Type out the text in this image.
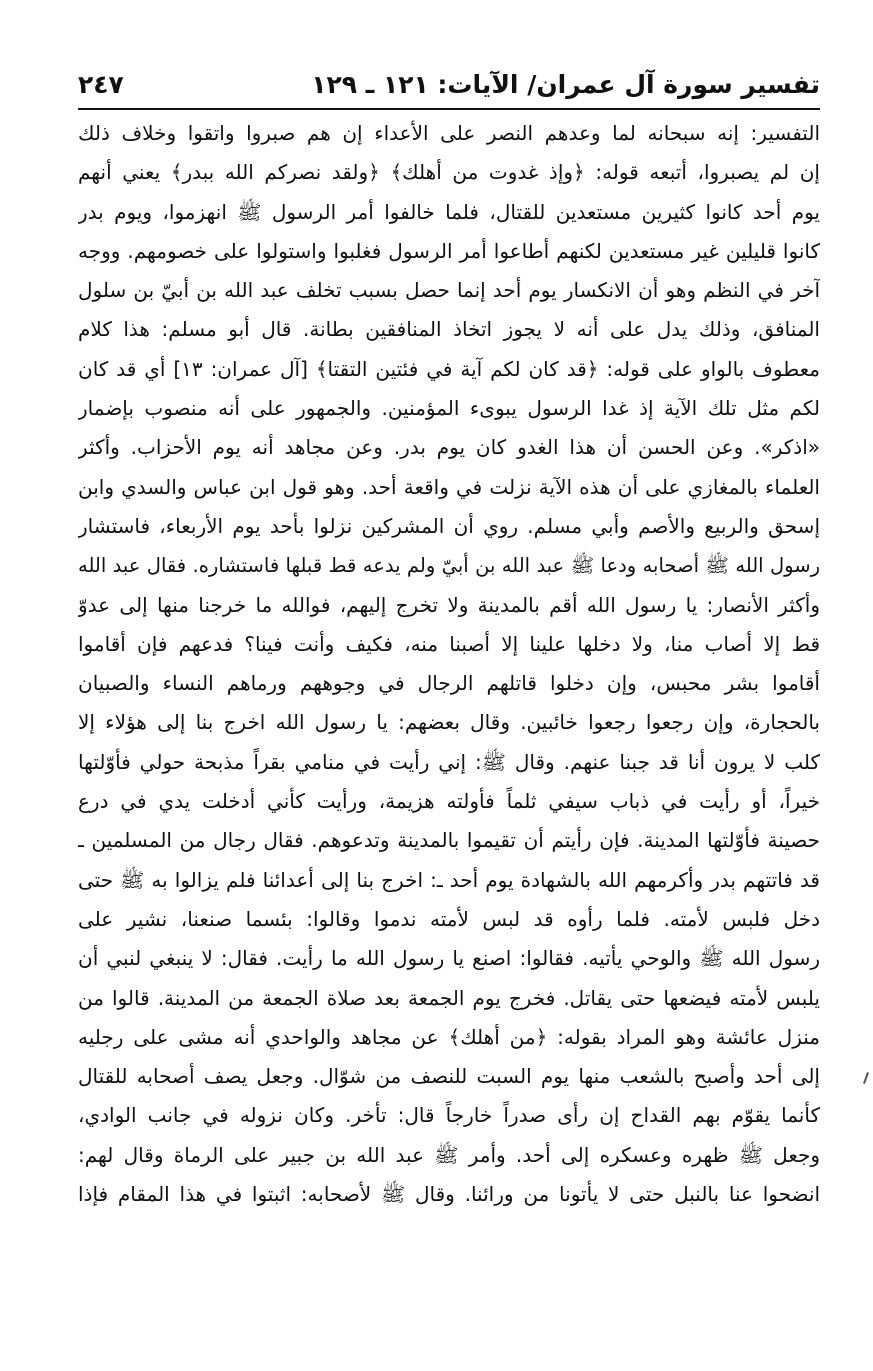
تفسير سورة آل عمران/ الآيات: ١٢١ ـ ١٢٩
٢٤٧
التفسير: إنه سبحانه لما وعدهم النصر على الأعداء إن هم صبروا واتقوا وخلاف ذلك
إن لم يصبروا، أتبعه قوله: ﴿وإذ غدوت من أهلك﴾ ﴿ولقد نصركم الله ببدر﴾ يعني أنهم
يوم أحد كانوا كثيرين مستعدين للقتال، فلما خالفوا أمر الرسول ﷺ انهزموا، ويوم بدر
كانوا قليلين غير مستعدين لكنهم أطاعوا أمر الرسول فغلبوا واستولوا على خصومهم. ووجه
آخر في النظم وهو أن الانكسار يوم أحد إنما حصل بسبب تخلف عبد الله بن أبيّ بن سلول
المنافق، وذلك يدل على أنه لا يجوز اتخاذ المنافقين بطانة. قال أبو مسلم: هذا كلام
معطوف بالواو على قوله: ﴿قد كان لكم آية في فئتين التقتا﴾ [آل عمران: ١٣] أي قد كان
لكم مثل تلك الآية إذ غدا الرسول يبوىء المؤمنين. والجمهور على أنه منصوب بإضمار
«اذكر». وعن الحسن أن هذا الغدو كان يوم بدر. وعن مجاهد أنه يوم الأحزاب. وأكثر
العلماء بالمغازي على أن هذه الآية نزلت في واقعة أحد. وهو قول ابن عباس والسدي وابن
إسحق والربيع والأصم وأبي مسلم. روي أن المشركين نزلوا بأحد يوم الأربعاء، فاستشار
رسول الله ﷺ أصحابه ودعا ﷺ عبد الله بن أبيّ ولم يدعه قط قبلها فاستشاره. فقال عبد الله
وأكثر الأنصار: يا رسول الله أقم بالمدينة ولا تخرج إليهم، فوالله ما خرجنا منها إلى عدوّ
قط إلا أصاب منا، ولا دخلها علينا إلا أصبنا منه، فكيف وأنت فينا؟ فدعهم فإن أقاموا
أقاموا بشر محبس، وإن دخلوا قاتلهم الرجال في وجوههم ورماهم النساء والصبيان
بالحجارة، وإن رجعوا رجعوا خائبين. وقال بعضهم: يا رسول الله اخرج بنا إلى هؤلاء إلا
كلب لا يرون أنا قد جبنا عنهم. وقال ﷺ: إني رأيت في منامي بقراً مذبحة حولي فأوّلتها
خيراً، أو رأيت في ذباب سيفي ثلماً فأولته هزيمة، ورأيت كأني أدخلت يدي في درع
حصينة فأوّلتها المدينة. فإن رأيتم أن تقيموا بالمدينة وتدعوهم. فقال رجال من المسلمين ـ
قد فاتتهم بدر وأكرمهم الله بالشهادة يوم أحد ـ: اخرج بنا إلى أعدائنا فلم يزالوا به ﷺ حتى
دخل فلبس لأمته. فلما رأوه قد لبس لأمته ندموا وقالوا: بئسما صنعنا، نشير على
رسول الله ﷺ والوحي يأتيه. فقالوا: اصنع يا رسول الله ما رأيت. فقال: لا ينبغي لنبي أن
يلبس لأمته فيضعها حتى يقاتل. فخرج يوم الجمعة بعد صلاة الجمعة من المدينة. قالوا من
منزل عائشة وهو المراد بقوله: ﴿من أهلك﴾ عن مجاهد والواحدي أنه مشى على رجليه
إلى أحد وأصبح بالشعب منها يوم السبت للنصف من شوّال. وجعل يصف أصحابه للقتال
كأنما يقوّم بهم القداح إن رأى صدراً خارجاً قال: تأخر. وكان نزوله في جانب الوادي،
وجعل ﷺ ظهره وعسكره إلى أحد. وأمر ﷺ عبد الله بن جبير على الرماة وقال لهم:
انضحوا عنا بالنبل حتى لا يأتونا من ورائنا. وقال ﷺ لأصحابه: اثبتوا في هذا المقام فإذا
